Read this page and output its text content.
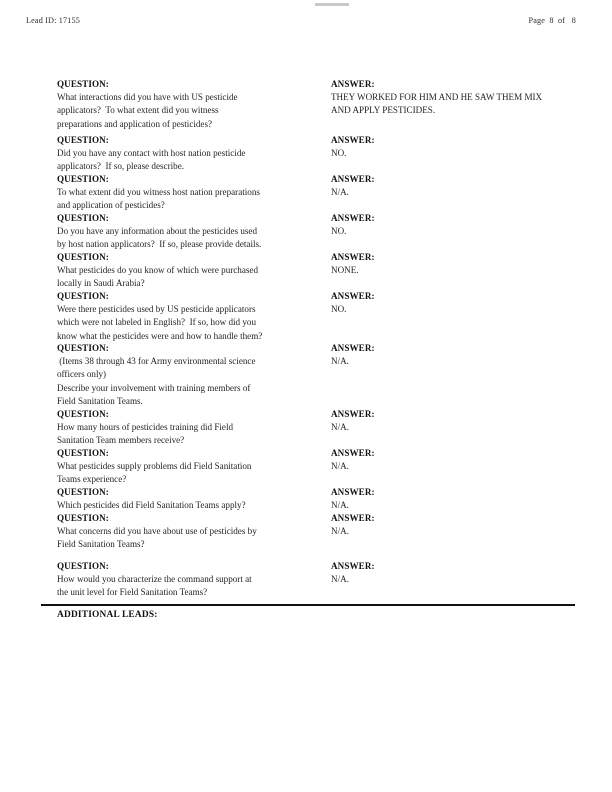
Lead ID: 17155	Page  8  of   8
QUESTION:
What interactions did you have with US pesticide
applicators?  To what extent did you witness
preparations and application of pesticides?
ANSWER:
THEY WORKED FOR HIM AND HE SAW THEM MIX
AND APPLY PESTICIDES.
QUESTION:
Did you have any contact with host nation pesticide
applicators?  If so, please describe.
ANSWER:
NO.
QUESTION:
To what extent did you witness host nation preparations
and application of pesticides?
ANSWER:
N/A.
QUESTION:
Do you have any information about the pesticides used
by host nation applicators?  If so, please provide details.
ANSWER:
NO.
QUESTION:
What pesticides do you know of which were purchased
locally in Saudi Arabia?
ANSWER:
NONE.
QUESTION:
Were there pesticides used by US pesticide applicators
which were not labeled in English?  If so, how did you
know what the pesticides were and how to handle them?
ANSWER:
NO.
QUESTION:
(Items 38 through 43 for Army environmental science
officers only)
Describe your involvement with training members of
Field Sanitation Teams.
ANSWER:
N/A.
QUESTION:
How many hours of pesticides training did Field
Sanitation Team members receive?
ANSWER:
N/A.
QUESTION:
What pesticides supply problems did Field Sanitation
Teams experience?
ANSWER:
N/A.
QUESTION:
Which pesticides did Field Sanitation Teams apply?
ANSWER:
N/A.
QUESTION:
What concerns did you have about use of pesticides by
Field Sanitation Teams?
ANSWER:
N/A.
QUESTION:
How would you characterize the command support at
the unit level for Field Sanitation Teams?
ANSWER:
N/A.
ADDITIONAL LEADS:
